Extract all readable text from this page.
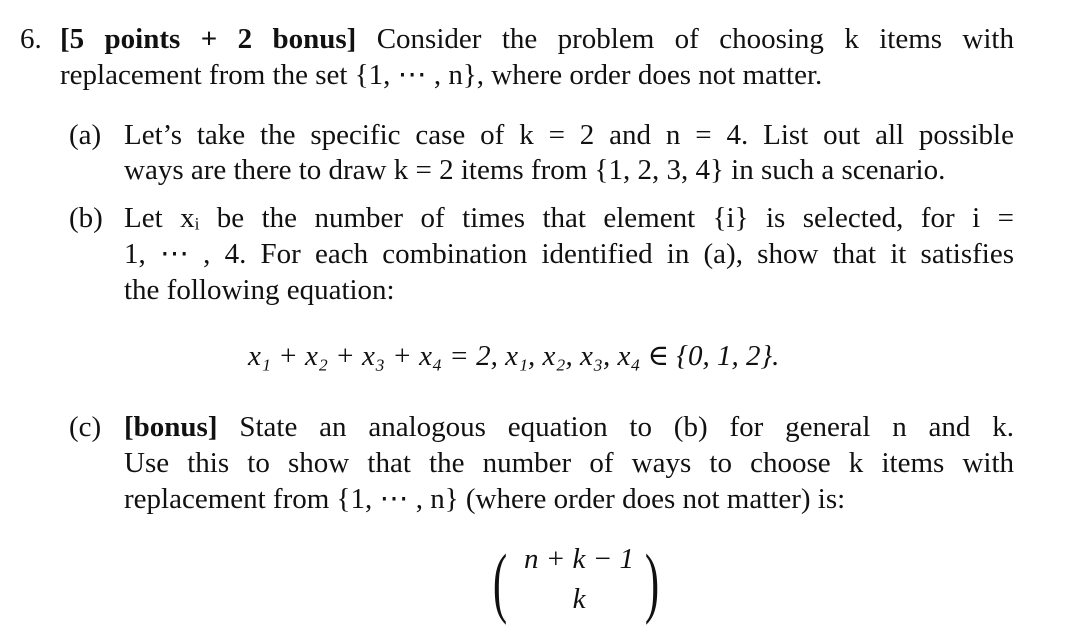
6. [5 points + 2 bonus] Consider the problem of choosing k items with
replacement from the set {1, ⋯ , n}, where order does not matter.
(a) Let’s take the specific case of k = 2 and n = 4. List out all possible
ways are there to draw k = 2 items from {1, 2, 3, 4} in such a scenario.
(b) Let xᵢ be the number of times that element {i} is selected, for i =
1, ⋯ , 4. For each combination identified in (a), show that it satisfies
the following equation:
x₁ + x₂ + x₃ + x₄ = 2, x₁, x₂, x₃, x₄ ∈ {0, 1, 2}.
(c) [bonus] State an analogous equation to (b) for general n and k.
Use this to show that the number of ways to choose k items with
replacement from {1, ⋯ , n} (where order does not matter) is:
( n + k − 1
k )
